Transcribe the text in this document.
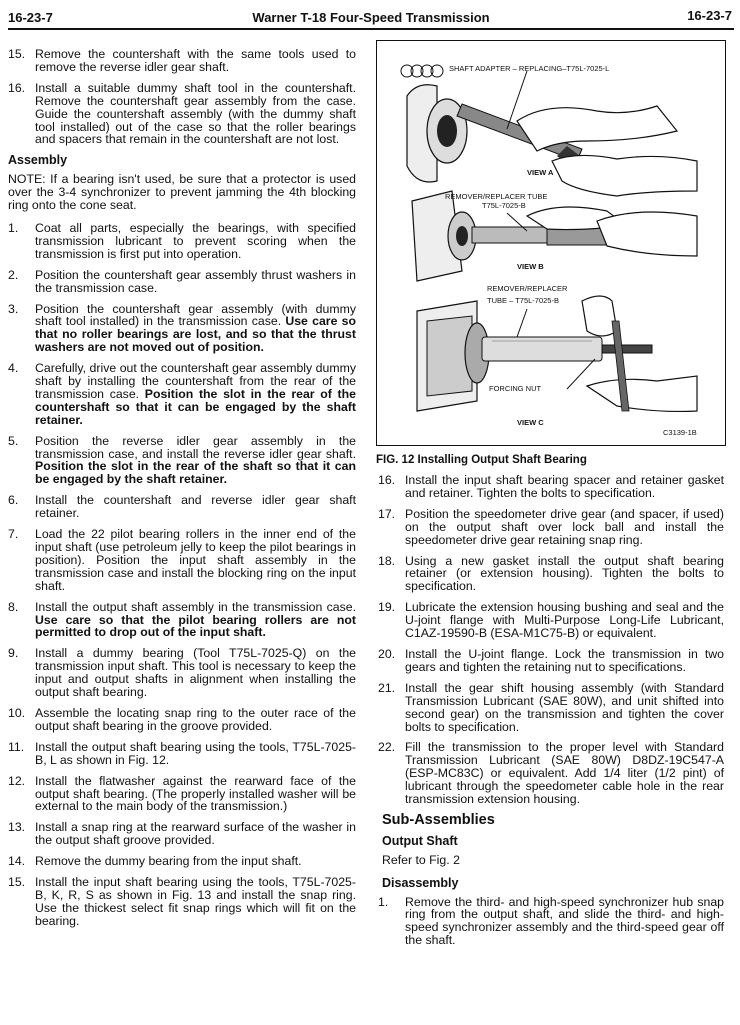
16-23-7	Warner T-18 Four-Speed Transmission	16-23-7
15. Remove the countershaft with the same tools used to remove the reverse idler gear shaft.
16. Install a suitable dummy shaft tool in the countershaft. Remove the countershaft gear assembly from the case. Guide the countershaft assembly (with the dummy shaft tool installed) out of the case so that the roller bearings and spacers that remain in the countershaft are not lost.
Assembly
NOTE: If a bearing isn't used, be sure that a protector is used over the 3-4 synchronizer to prevent jamming the 4th blocking ring onto the cone seat.
1.	Coat all parts, especially the bearings, with specified transmission lubricant to prevent scoring when the transmission is first put into operation.
2.	Position the countershaft gear assembly thrust washers in the transmission case.
3.	Position the countershaft gear assembly (with dummy shaft tool installed) in the transmission case. Use care so that no roller bearings are lost, and so that the thrust washers are not moved out of position.
4.	Carefully, drive out the countershaft gear assembly dummy shaft by installing the countershaft from the rear of the transmission case. Position the slot in the rear of the countershaft so that it can be engaged by the shaft retainer.
5.	Position the reverse idler gear assembly in the transmission case, and install the reverse idler gear shaft. Position the slot in the rear of the shaft so that it can be engaged by the shaft retainer.
6.	Install the countershaft and reverse idler gear shaft retainer.
7.	Load the 22 pilot bearing rollers in the inner end of the input shaft (use petroleum jelly to keep the pilot bearings in position). Position the input shaft assembly in the transmission case and install the blocking ring on the input shaft.
8.	Install the output shaft assembly in the transmission case. Use care so that the pilot bearing rollers are not permitted to drop out of the input shaft.
9.	Install a dummy bearing (Tool T75L-7025-Q) on the transmission input shaft. This tool is necessary to keep the input and output shafts in alignment when installing the output shaft bearing.
10. Assemble the locating snap ring to the outer race of the output shaft bearing in the groove provided.
11. Install the output shaft bearing using the tools, T75L-7025-B, L as shown in Fig. 12.
12. Install the flatwasher against the rearward face of the output shaft bearing. (The properly installed washer will be external to the main body of the transmission.)
13. Install a snap ring at the rearward surface of the washer in the output shaft groove provided.
14. Remove the dummy bearing from the input shaft.
15. Install the input shaft bearing using the tools, T75L-7025-B, K, R, S as shown in Fig. 13 and install the snap ring. Use the thickest select fit snap rings which will fit on the bearing.
SHAFT ADAPTER – REPLACING–T75L-7025-L
VIEW A
REMOVER/REPLACER TUBE
T75L-7025-B
VIEW B
REMOVER/REPLACER
TUBE – T75L-7025-B
FORCING NUT
VIEW C
C3139-1B
FIG. 12 Installing Output Shaft Bearing
16. Install the input shaft bearing spacer and retainer gasket and retainer. Tighten the bolts to specification.
17. Position the speedometer drive gear (and spacer, if used) on the output shaft over lock ball and install the speedometer drive gear retaining snap ring.
18. Using a new gasket install the output shaft bearing retainer (or extension housing). Tighten the bolts to specification.
19. Lubricate the extension housing bushing and seal and the U-joint flange with Multi-Purpose Long-Life Lubricant, C1AZ-19590-B (ESA-M1C75-B) or equivalent.
20. Install the U-joint flange. Lock the transmission in two gears and tighten the retaining nut to specifications.
21. Install the gear shift housing assembly (with Standard Transmission Lubricant (SAE 80W), and unit shifted into second gear) on the transmission and tighten the cover bolts to specification.
22. Fill the transmission to the proper level with Standard Transmission Lubricant (SAE 80W) D8DZ-19C547-A (ESP-MC83C) or equivalent. Add 1/4 liter (1/2 pint) of lubricant through the speedometer cable hole in the rear transmission extension housing.
Sub-Assemblies
Output Shaft
Refer to Fig. 2
Disassembly
1.	Remove the third- and high-speed synchronizer hub snap ring from the output shaft, and slide the third- and high-speed synchronizer assembly and the third-speed gear off the shaft.
